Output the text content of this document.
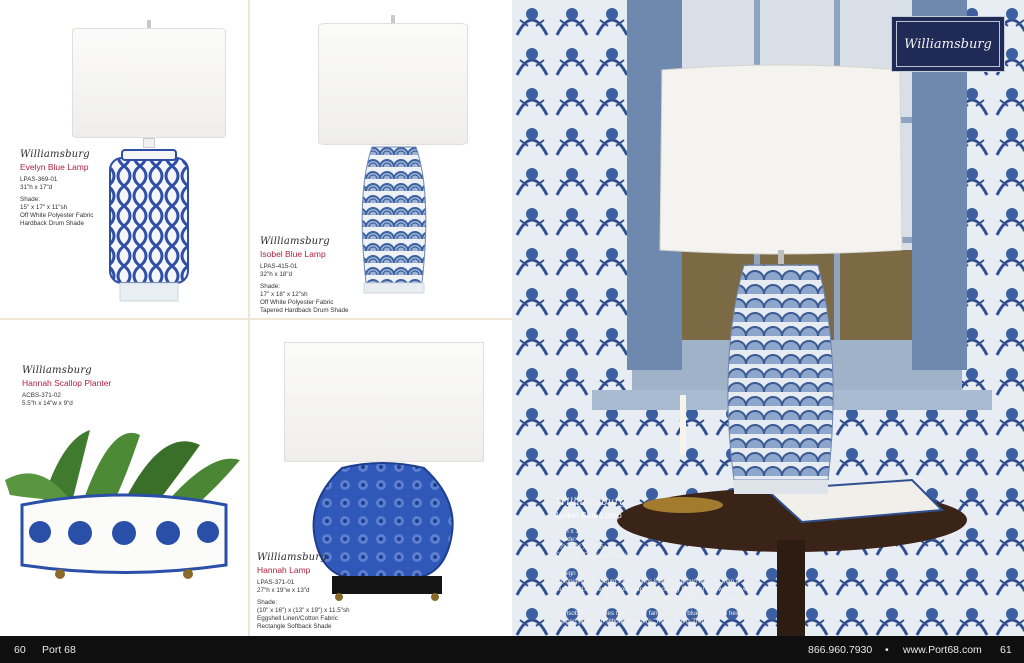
Williamsburg
Evelyn Blue Lamp
LPAS-369-01
31"h x 17"d
Shade:
15" x 17" x 11"sh
Off White Polyester Fabric
Hardback Drum Shade
Williamsburg
Isobel Blue Lamp
LPAS-415-01
32"h x 18"d
Shade:
17" x 18" x 12"sh
Off White Polyester Fabric
Tapered Hardback Drum Shade
Williamsburg
Hannah Scallop Planter
ACBS-371-02
5.5"h x 14"w x 9"d
Williamsburg
Hannah Lamp
LPAS-371-01
27"h x 19"w x 13"d
Shade:
(10" x 16") x (13" x 19") x 11.5"sh
Eggshell Linen/Cotton Fabric
Rectangle Softback Shade
Williamsburg
Williamsburg
Isobel Blue Lamp
LPAS-415-01
32"h x 18"d
Shade:
17" x 18" x 12"sh
Off White Polyester Fabric
Tapered Hardback Drum Shade
Design Note:
Colonial Williamsburg's collections include a group of more than a
hundred 18th century book papers (probably English) that were never
bound in books. One of them inspired our "Isobel" pattern that we have
on this timeless lamp. As part of the Williamsburg collection for Port
68, Isobel celebrates the graphic fan pattern in blue on cream hexagon
shaped porcelain silhouette where "Trend meets Tredition".
60 Port 68	866.960.7930 • www.Port68.com 61
